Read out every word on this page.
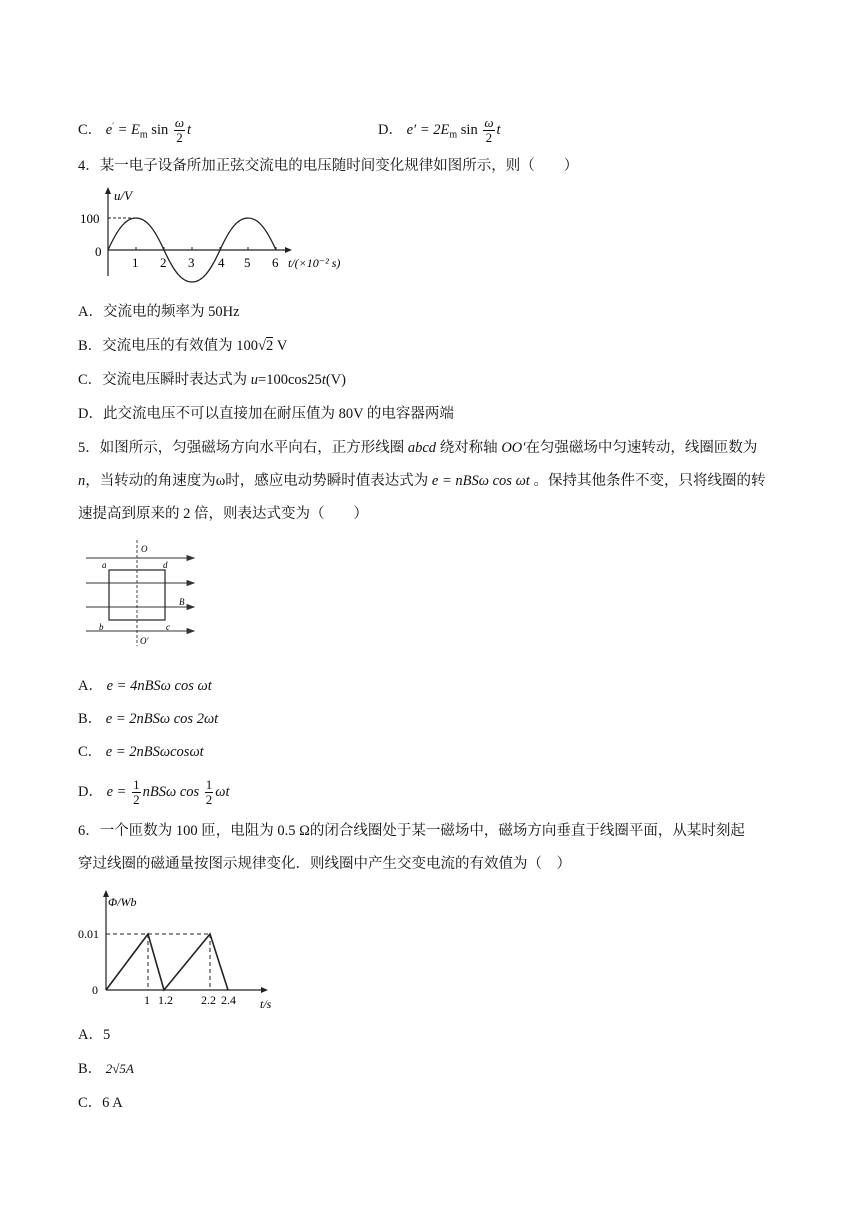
C． $e' = E_m$ $\sin \frac{\omega}{2}$ t	D． $e' = 2E_m$ $\sin \frac{\omega}{2}$ t
4．某一电子设备所加正弦交流电的电压随时间变化规律如图所示，则（　　）
u/V
100
0
1 2 3 4 5 6 t/(×10⁻² s)
A．交流电的频率为 50Hz
B．交流电压的有效值为 100√2 V
C．交流电压瞬时表达式为 u=100cos25t(V)
D．此交流电压不可以直接加在耐压值为 80V 的电容器两端
5．如图所示，匀强磁场方向水平向右，正方形线圈 abcd 绕对称轴 OO′在匀强磁场中匀速转动，线圈匝数为
n，当转动的角速度为ω时，感应电动势瞬时值表达式为 e = nBSω cos ωt 。保持其他条件不变，只将线圈的转
速提高到原来的 2 倍，则表达式变为（　　）
O
O′
a	d
b	c
B
A． e = 4nBSω cos ωt
B． e = 2nBSω cos 2ωt
C． e = 2nBSωcosωt
D． $e = \frac{1}{2}$ nBSω $\cos \frac{1}{2}$ ωt
6．一个匝数为 100 匝，电阻为 0.5 Ω的闭合线圈处于某一磁场中，磁场方向垂直于线圈平面，从某时刻起
穿过线圈的磁通量按图示规律变化．则线圈中产生交变电流的有效值为（　）
Φ/Wb
0.01
0
1 1.2 2.2 2.4 t/s
A．5
B． 2√5A
C．6 A
